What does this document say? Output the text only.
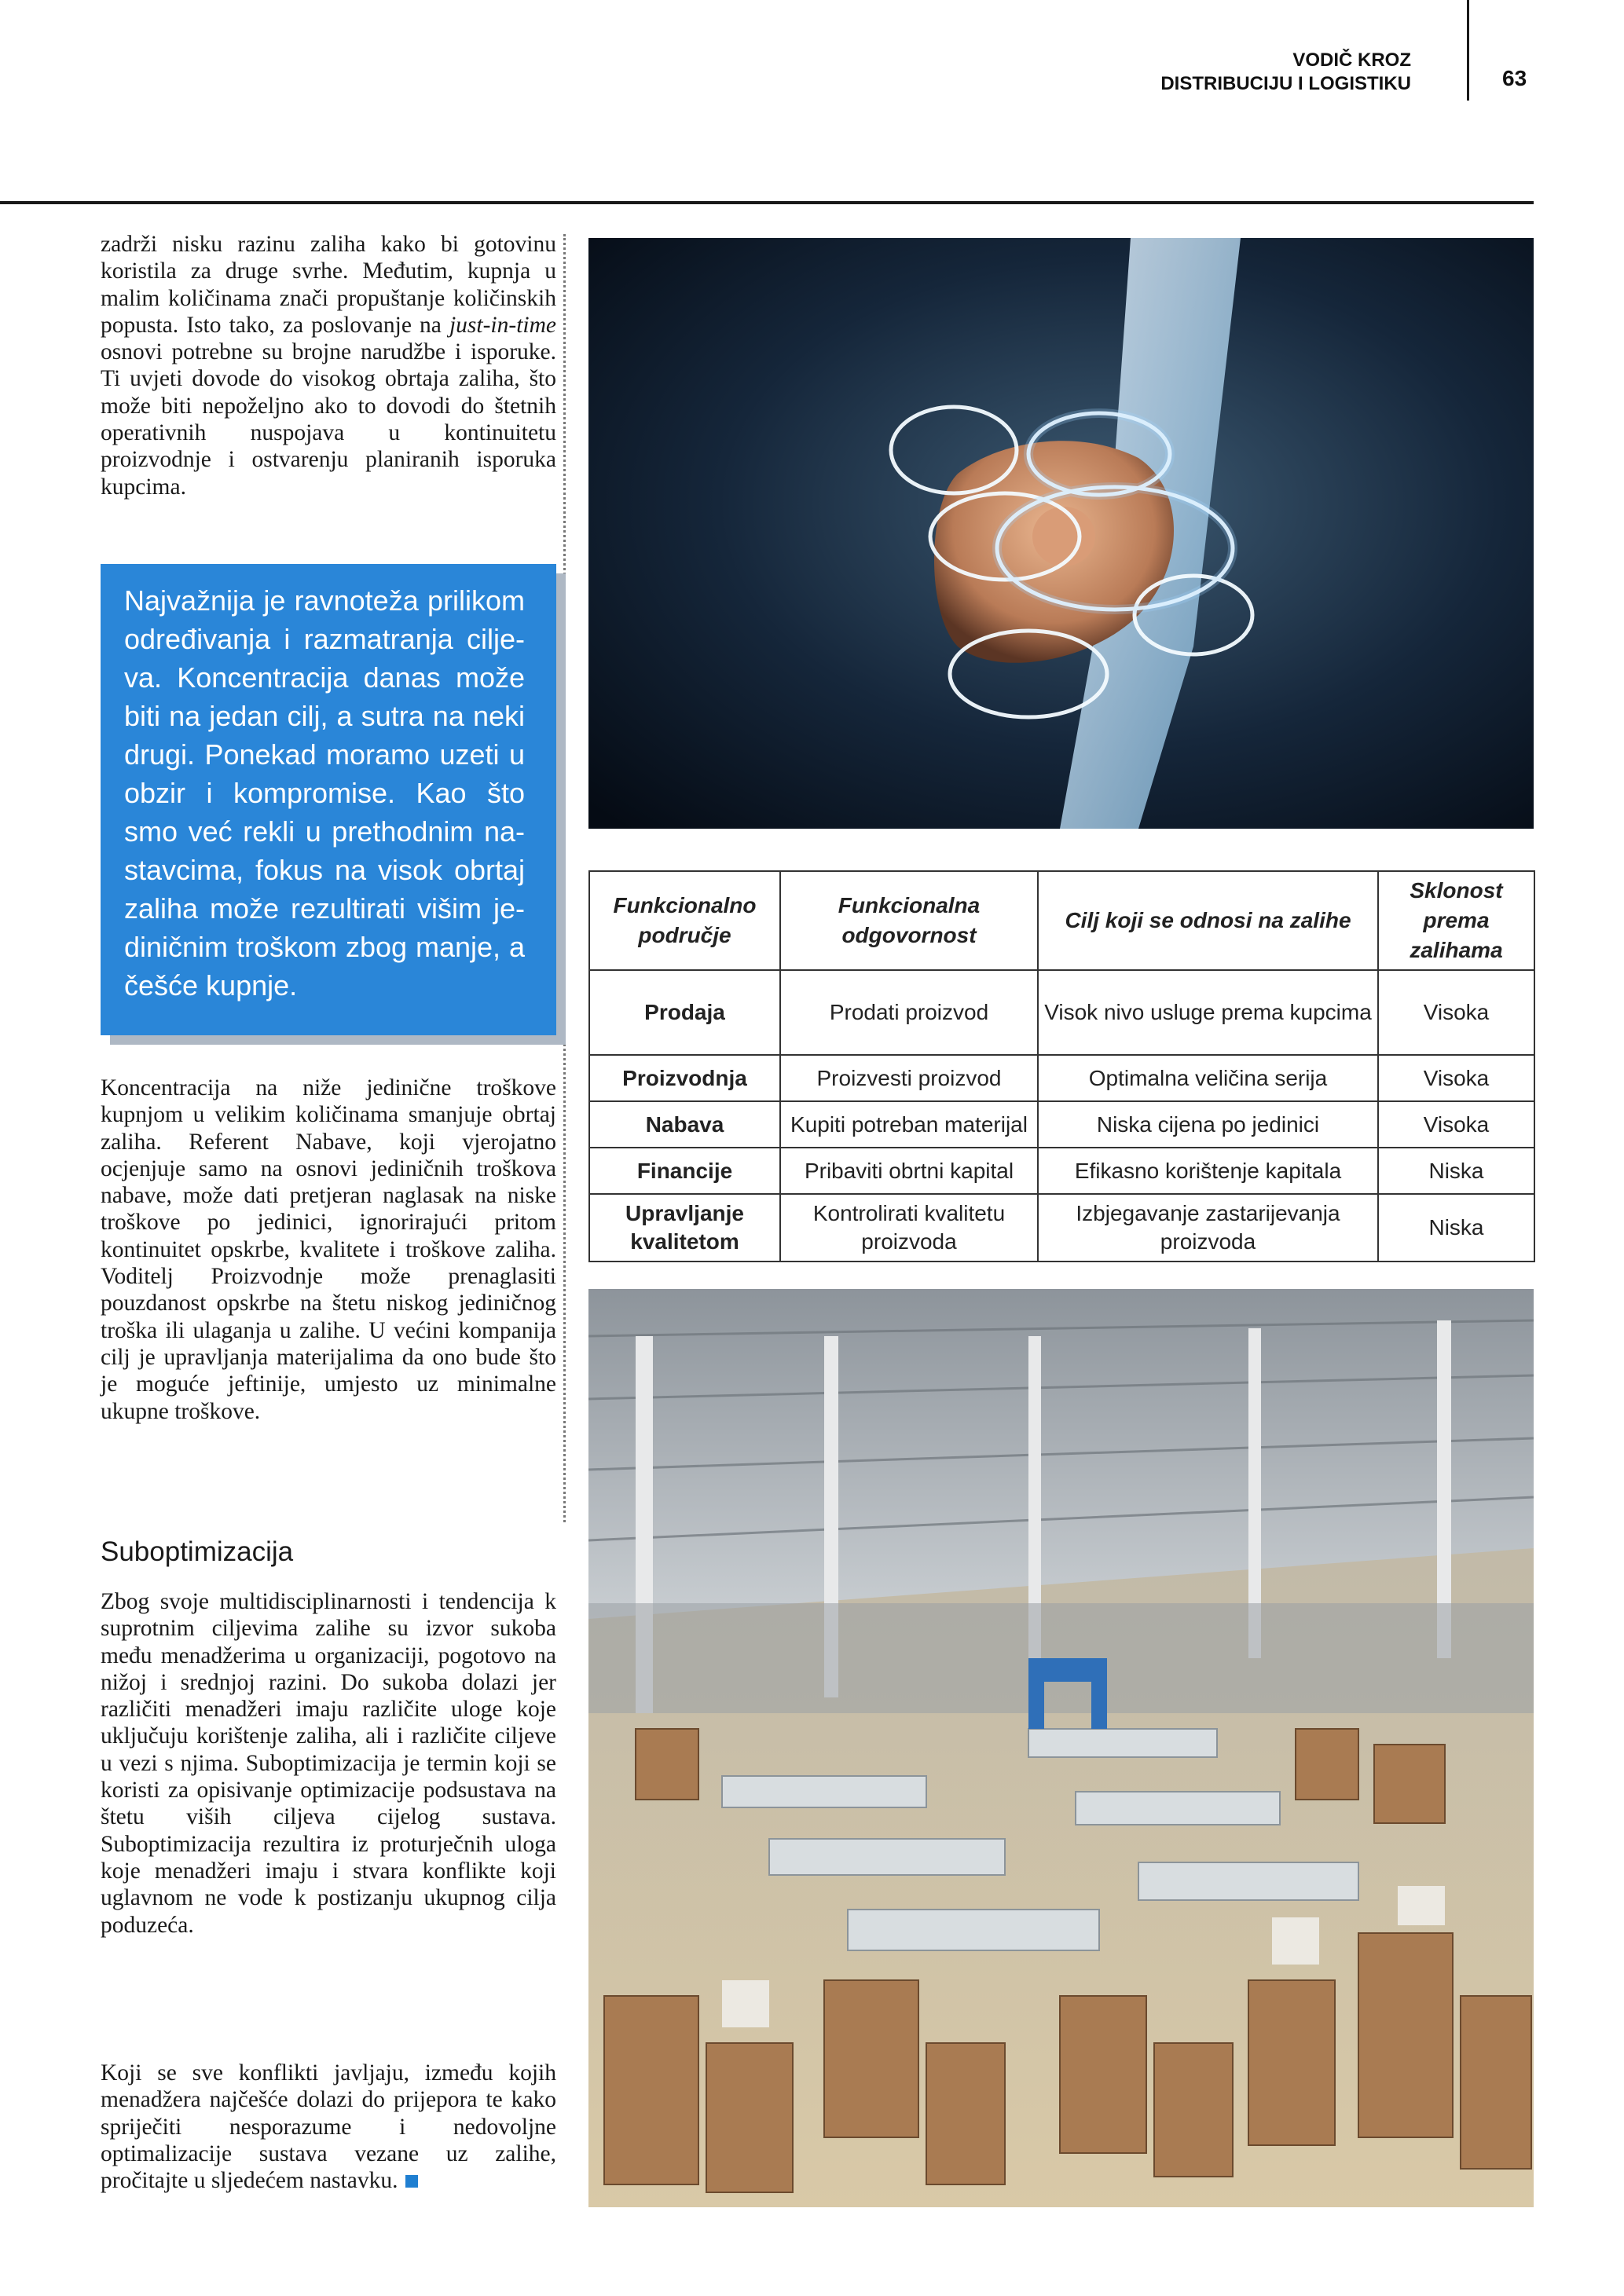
VODIČ KROZ
DISTRIBUCIJU I LOGISTIKU	63

zadrži nisku razinu zaliha kako bi gotovinu koristila za druge svrhe. Međutim, kupnja u malim količinama znači propuštanje količinskih popusta. Isto tako, za poslovanje na just-in-time osnovi potrebne su brojne narudžbe i isporuke. Ti uvjeti dovode do visokog obrtaja zaliha, što može biti nepoželjno ako to dovodi do štetnih operativnih nuspojava u kontinuitetu proizvodnje i ostvarenju planiranih isporuka kupcima.

Najvažnija je ravnoteža prilikom određivanja i razmatranja ciljeva. Koncentracija danas može biti na jedan cilj, a sutra na neki drugi. Ponekad moramo uzeti u obzir i kompromise. Kao što smo već rekli u prethodnim nastavcima, fokus na visok obrtaj zaliha može rezultirati višim jediničnim troškom zbog manje, a češće kupnje.

Koncentracija na niže jedinične troškove kupnjom u velikim količinama smanjuje obrtaj zaliha. Referent Nabave, koji vjerojatno ocjenjuje samo na osnovi jediničnih troškova nabave, može dati pretjeran naglasak na niske troškove po jedinici, ignorirajući pritom kontinuitet opskrbe, kvalitete i troškove zaliha. Voditelj Proizvodnje može prenaglasiti pouzdanost opskrbe na štetu niskog jediničnog troška ili ulaganja u zalihe. U većini kompanija cilj je upravljanja materijalima da ono bude što je moguće jeftinije, umjesto uz minimalne ukupne troškove.

Suboptimizacija

Zbog svoje multidisciplinarnosti i tendencija k suprotnim ciljevima zalihe su izvor sukoba među menadžerima u organizaciji, pogotovo na nižoj i srednjoj razini. Do sukoba dolazi jer različiti menadžeri imaju različite uloge koje uključuju korištenje zaliha, ali i različite ciljeve u vezi s njima. Suboptimizacija je termin koji se koristi za opisivanje optimizacije podsustava na štetu viših ciljeva cijelog sustava. Suboptimizacija rezultira iz proturječnih uloga koje menadžeri imaju i stvara konflikte koji uglavnom ne vode k postizanju ukupnog cilja poduzeća.

Koji se sve konflikti javljaju, između kojih menadžera najčešće dolazi do prijepora te kako spriječiti nesporazume i nedovoljne optimalizacije sustava vezane uz zalihe, pročitajte u sljedećem nastavku.

Funkcionalno područje	Funkcionalna odgovornost	Cilj koji se odnosi na zalihe	Sklonost prema zalihama
Prodaja	Prodati proizvod	Visok nivo usluge prema kupcima	Visoka
Proizvodnja	Proizvesti proizvod	Optimalna veličina serija	Visoka
Nabava	Kupiti potreban materijal	Niska cijena po jedinici	Visoka
Financije	Pribaviti obrtni kapital	Efikasno korištenje kapitala	Niska
Upravljanje kvalitetom	Kontrolirati kvalitetu proizvoda	Izbjegavanje zastarijevanja proizvoda	Niska
